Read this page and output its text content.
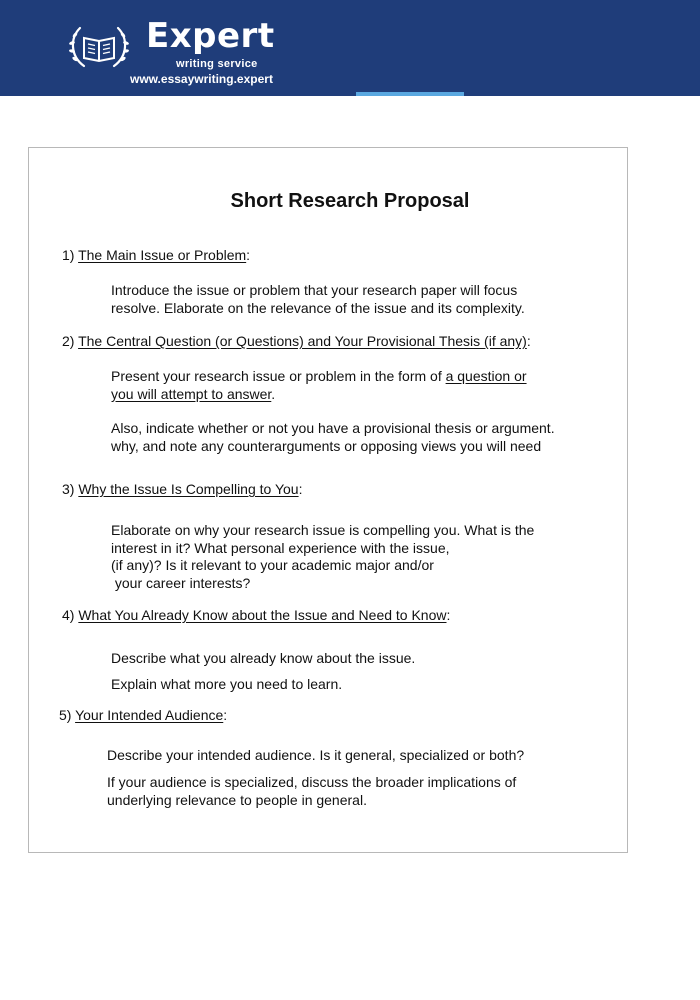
Expert
writing service
www.essaywriting.expert
Short Research Proposal
1) The Main Issue or Problem:
Introduce the issue or problem that your research paper will focus
resolve. Elaborate on the relevance of the issue and its complexity.
2) The Central Question (or Questions) and Your Provisional Thesis (if any):
Present your research issue or problem in the form of a question or
you will attempt to answer.
Also, indicate whether or not you have a provisional thesis or argument.
why, and note any counterarguments or opposing views you will need
3) Why the Issue Is Compelling to You:
Elaborate on why your research issue is compelling you. What is the
interest in it? What personal experience with the issue,
(if any)? Is it relevant to your academic major and/or
your career interests?
4) What You Already Know about the Issue and Need to Know:
Describe what you already know about the issue.
Explain what more you need to learn.
5) Your Intended Audience:
Describe your intended audience. Is it general, specialized or both?
If your audience is specialized, discuss the broader implications of
underlying relevance to people in general.
